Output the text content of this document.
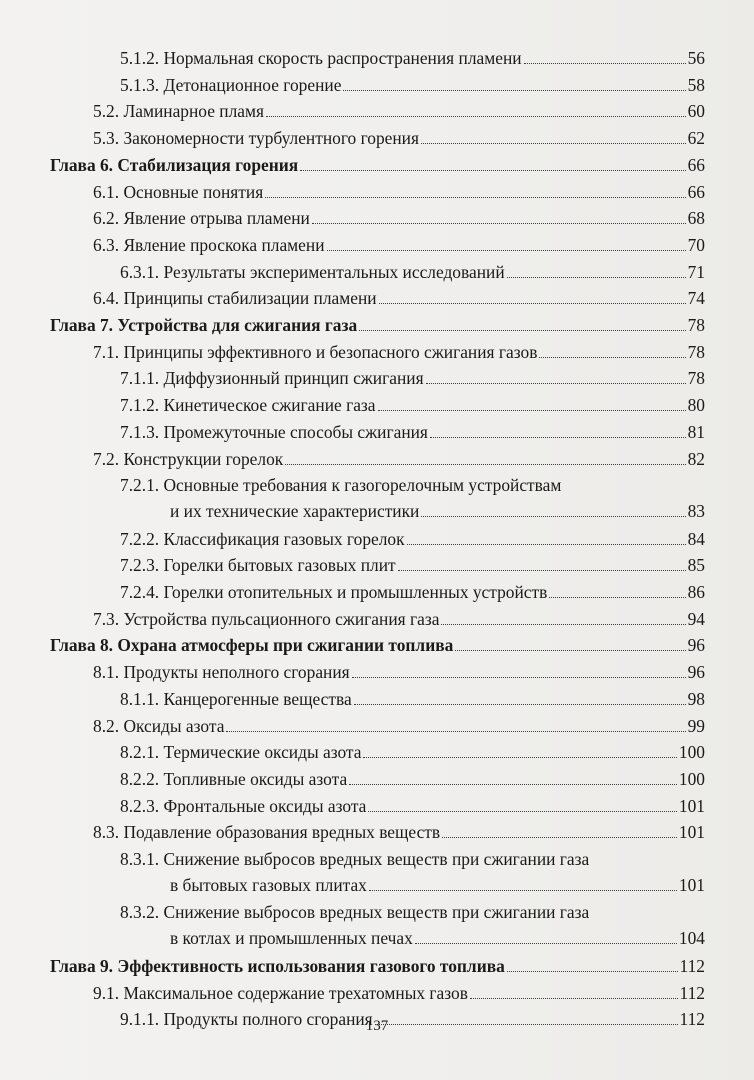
5.1.2. Нормальная скорость распространения пламени	56
5.1.3. Детонационное горение	58
5.2. Ламинарное пламя	60
5.3. Закономерности турбулентного горения	62
Глава 6. Стабилизация горения	66
6.1. Основные понятия	66
6.2. Явление отрыва пламени	68
6.3. Явление проскока пламени	70
6.3.1. Результаты экспериментальных исследований	71
6.4. Принципы стабилизации пламени	74
Глава 7. Устройства для сжигания газа	78
7.1. Принципы эффективного и безопасного сжигания газов	78
7.1.1. Диффузионный принцип сжигания	78
7.1.2. Кинетическое сжигание газа	80
7.1.3. Промежуточные способы сжигания	81
7.2. Конструкции горелок	82
7.2.1. Основные требования к газогорелочным устройствам
и их технические характеристики	83
7.2.2. Классификация газовых горелок	84
7.2.3. Горелки бытовых газовых плит	85
7.2.4. Горелки отопительных и промышленных устройств	86
7.3. Устройства пульсационного сжигания газа	94
Глава 8. Охрана атмосферы при сжигании топлива	96
8.1. Продукты неполного сгорания	96
8.1.1. Канцерогенные вещества	98
8.2. Оксиды азота	99
8.2.1. Термические оксиды азота	100
8.2.2. Топливные оксиды азота	100
8.2.3. Фронтальные оксиды азота	101
8.3. Подавление образования вредных веществ	101
8.3.1. Снижение выбросов вредных веществ при сжигании газа
в бытовых газовых плитах	101
8.3.2. Снижение выбросов вредных веществ при сжигании газа
в котлах и промышленных печах	104
Глава 9. Эффективность использования газового топлива	112
9.1. Максимальное содержание трехатомных газов	112
9.1.1. Продукты полного сгорания	112
137
